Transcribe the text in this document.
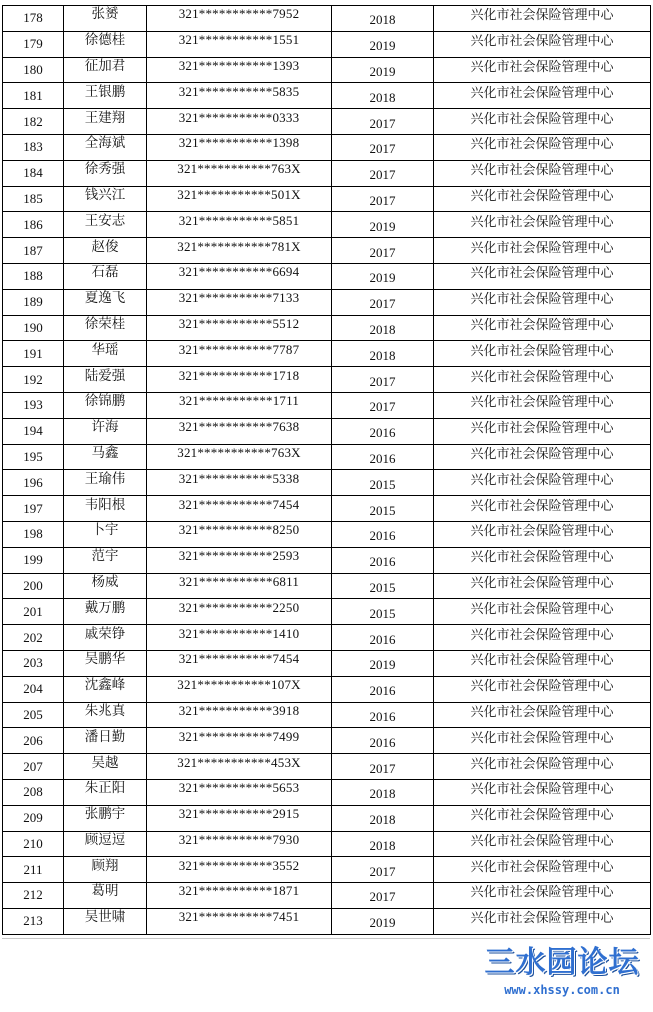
178	张赟	321***********7952	2018	兴化市社会保险管理中心
179	徐德桂	321***********1551	2019	兴化市社会保险管理中心
180	征加君	321***********1393	2019	兴化市社会保险管理中心
181	王银鹏	321***********5835	2018	兴化市社会保险管理中心
182	王建翔	321***********0333	2017	兴化市社会保险管理中心
183	全海斌	321***********1398	2017	兴化市社会保险管理中心
184	徐秀强	321***********763X	2017	兴化市社会保险管理中心
185	钱兴江	321***********501X	2017	兴化市社会保险管理中心
186	王安志	321***********5851	2019	兴化市社会保险管理中心
187	赵俊	321***********781X	2017	兴化市社会保险管理中心
188	石磊	321***********6694	2019	兴化市社会保险管理中心
189	夏逸飞	321***********7133	2017	兴化市社会保险管理中心
190	徐荣桂	321***********5512	2018	兴化市社会保险管理中心
191	华瑶	321***********7787	2018	兴化市社会保险管理中心
192	陆爱强	321***********1718	2017	兴化市社会保险管理中心
193	徐锦鹏	321***********1711	2017	兴化市社会保险管理中心
194	许海	321***********7638	2016	兴化市社会保险管理中心
195	马鑫	321***********763X	2016	兴化市社会保险管理中心
196	王瑜伟	321***********5338	2015	兴化市社会保险管理中心
197	韦阳根	321***********7454	2015	兴化市社会保险管理中心
198	卜宇	321***********8250	2016	兴化市社会保险管理中心
199	范宇	321***********2593	2016	兴化市社会保险管理中心
200	杨威	321***********6811	2015	兴化市社会保险管理中心
201	戴万鹏	321***********2250	2015	兴化市社会保险管理中心
202	戚荣铮	321***********1410	2016	兴化市社会保险管理中心
203	吴鹏华	321***********7454	2019	兴化市社会保险管理中心
204	沈鑫峰	321***********107X	2016	兴化市社会保险管理中心
205	朱兆真	321***********3918	2016	兴化市社会保险管理中心
206	潘日勤	321***********7499	2016	兴化市社会保险管理中心
207	吴越	321***********453X	2017	兴化市社会保险管理中心
208	朱正阳	321***********5653	2018	兴化市社会保险管理中心
209	张鹏宇	321***********2915	2018	兴化市社会保险管理中心
210	顾逗逗	321***********7930	2018	兴化市社会保险管理中心
211	顾翔	321***********3552	2017	兴化市社会保险管理中心
212	葛明	321***********1871	2017	兴化市社会保险管理中心
213	吴世啸	321***********7451	2019	兴化市社会保险管理中心
三水园论坛
www.xhssy.com.cn
